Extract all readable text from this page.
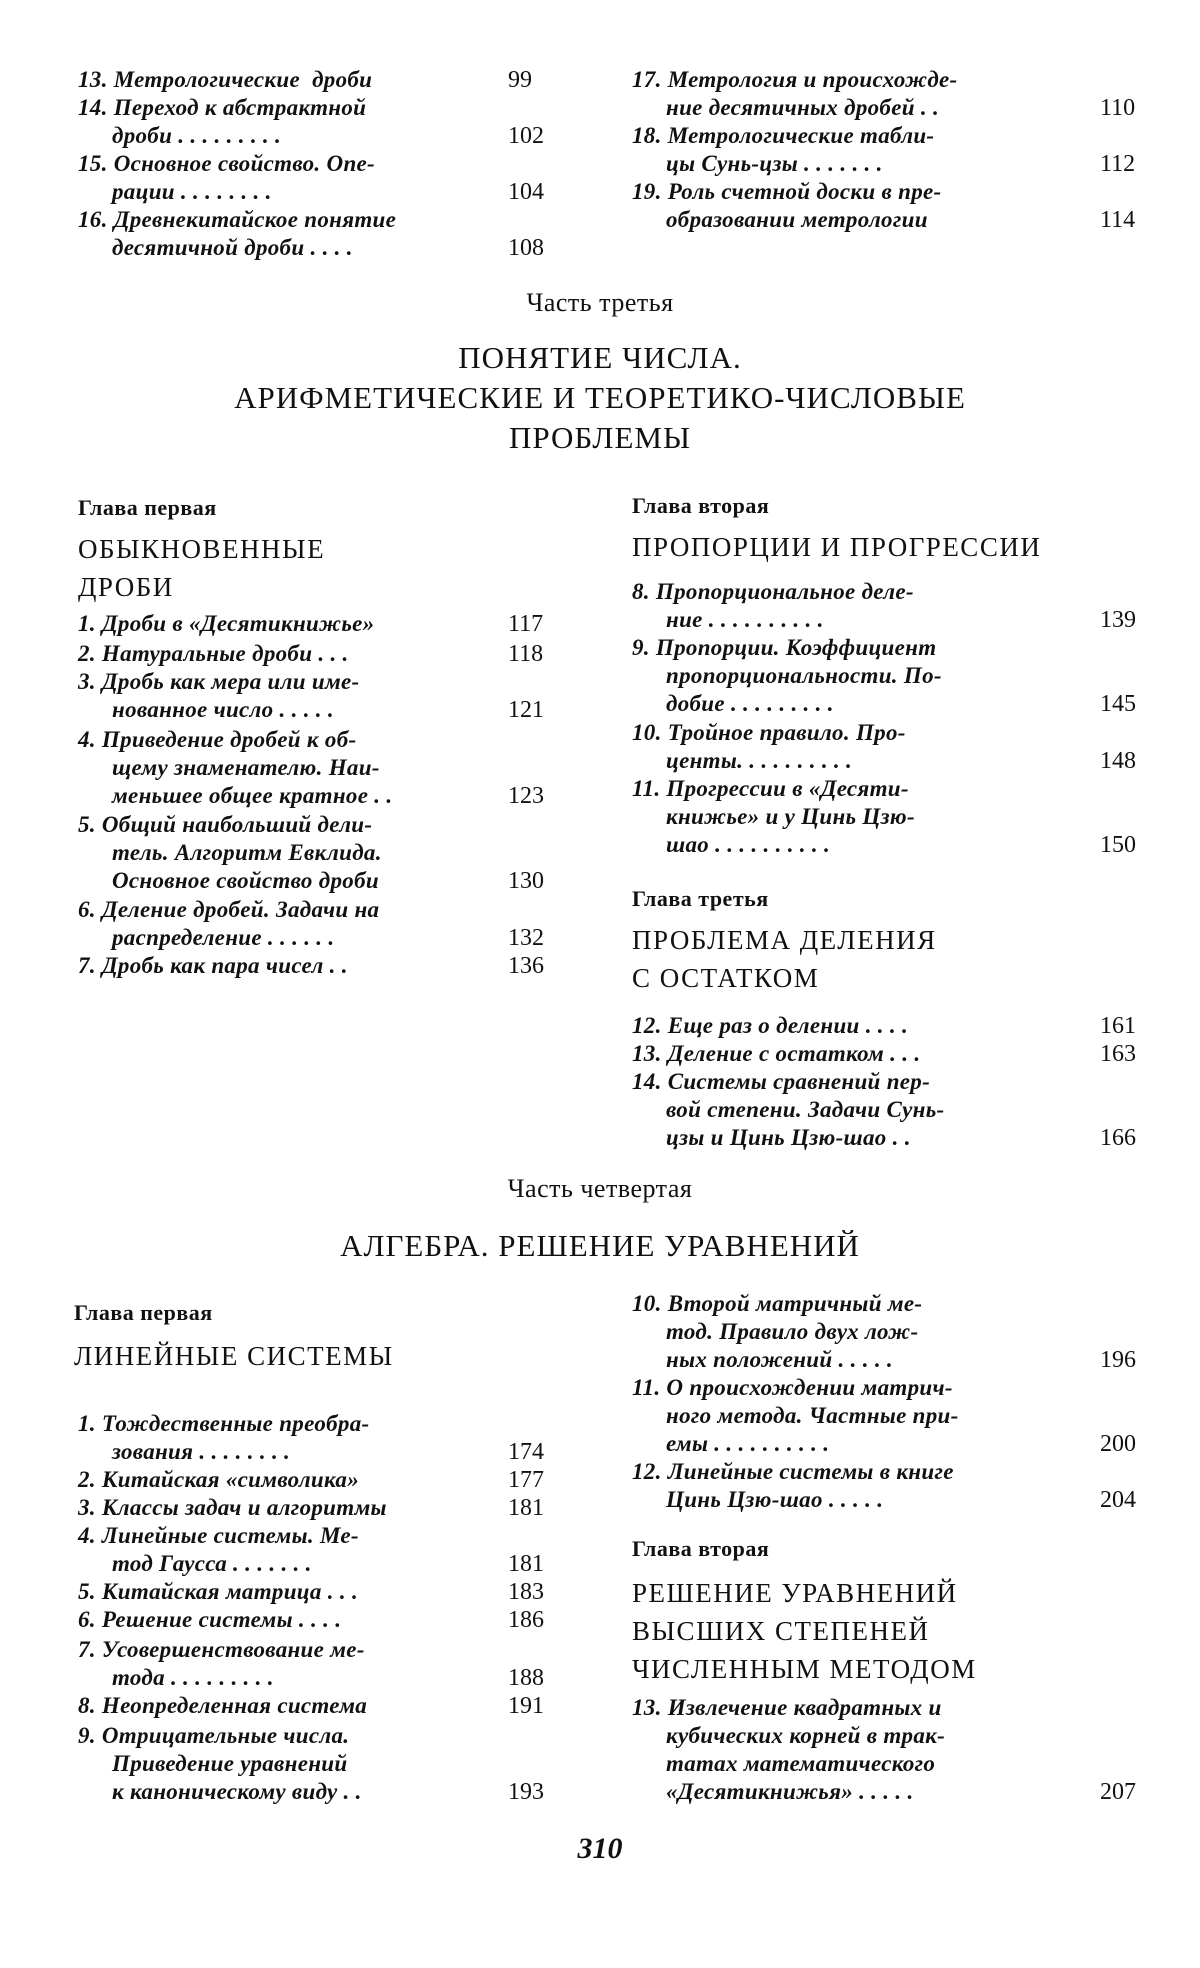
13. Метрологические  дроби	99
14. Переход к абстрактной
дроби . . . . . . . . .	102
15. Основное свойство. Опе-
рации . . . . . . . .	104
16. Древнекитайское понятие
десятичной дроби . . . .	108
17. Метрология и происхожде-
ние десятичных дробей . .	110
18. Метрологические табли-
цы Сунь-цзы . . . . . . .	112
19. Роль счетной доски в пре-
образовании метрологии	114
Часть третья
ПОНЯТИЕ ЧИСЛА.
АРИФМЕТИЧЕСКИЕ И ТЕОРЕТИКО-ЧИСЛОВЫЕ
ПРОБЛЕМЫ
Глава первая
ОБЫКНОВЕННЫЕ
ДРОБИ
1. Дроби в «Десятикнижье»	117
2. Натуральные дроби . . .	118
3. Дробь как мера или име-
нованное число . . . . .	121
4. Приведение дробей к об-
щему знаменателю. Наи-
меньшее общее кратное . .	123
5. Общий наибольший дели-
тель. Алгоритм Евклида.
Основное свойство дроби	130
6. Деление дробей. Задачи на
распределение . . . . . .	132
7. Дробь как пара чисел . .	136
Глава вторая
ПРОПОРЦИИ И ПРОГРЕССИИ
8. Пропорциональное деле-
ние . . . . . . . . . .	139
9. Пропорции. Коэффициент
пропорциональности. По-
добие . . . . . . . . .	145
10. Тройное правило. Про-
центы. . . . . . . . . .	148
11. Прогрессии в «Десяти-
книжье» и у Цинь Цзю-
шао . . . . . . . . . .	150
Глава третья
ПРОБЛЕМА ДЕЛЕНИЯ
С ОСТАТКОМ
12. Еще раз о делении . . . .	161
13. Деление с остатком . . .	163
14. Системы сравнений пер-
вой степени. Задачи Сунь-
цзы и Цинь Цзю-шао . .	166
Часть четвертая
АЛГЕБРА. РЕШЕНИЕ УРАВНЕНИЙ
Глава первая
ЛИНЕЙНЫЕ СИСТЕМЫ
1. Тождественные преобра-
зования . . . . . . . .	174
2. Китайская «символика»	177
3. Классы задач и алгоритмы	181
4. Линейные системы. Ме-
тод Гаусса . . . . . . .	181
5. Китайская матрица . . .	183
6. Решение системы . . . .	186
7. Усовершенствование ме-
тода . . . . . . . . .	188
8. Неопределенная система	191
9. Отрицательные числа.
Приведение уравнений
к каноническому виду . .	193
10. Второй матричный ме-
тод. Правило двух лож-
ных положений . . . . .	196
11. О происхождении матрич-
ного метода. Частные при-
емы . . . . . . . . . .	200
12. Линейные системы в книге
Цинь Цзю-шао . . . . .	204
Глава вторая
РЕШЕНИЕ УРАВНЕНИЙ
ВЫСШИХ СТЕПЕНЕЙ
ЧИСЛЕННЫМ МЕТОДОМ
13. Извлечение квадратных и
кубических корней в трак-
татах математического
«Десятикнижья» . . . . .	207
310
